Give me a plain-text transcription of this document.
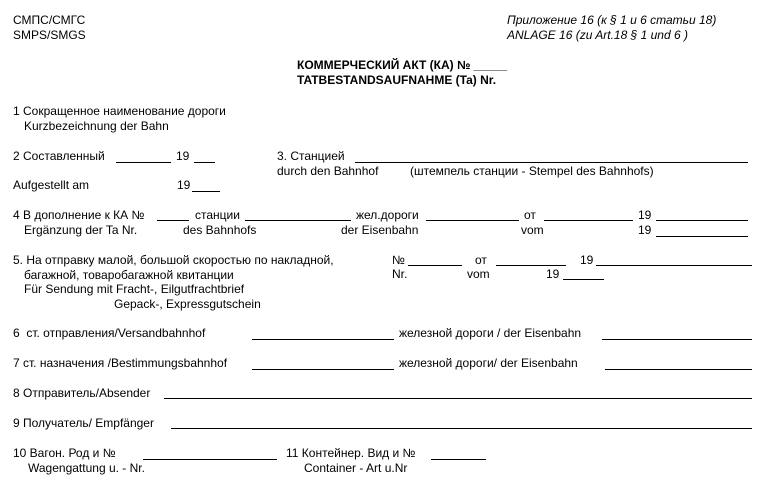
СМПС/СМГС
SMPS/SMGS
Приложение 16 (к § 1 и 6 статьи 18)
ANLAGE 16 (zu Art.18 § 1 und 6 )
КОММЕРЧЕСКИЙ АКТ (КА) № _____
TATBESTANDSAUFNAHME (Ta) Nr.
1 Сокращенное наименование дороги
Kurzbezeichnung der Bahn
2 Составленный	19
Aufgestellt am	19
3. Станцией
durch den Bahnhof	(штемпель станции - Stempel des Bahnhofs)
4 В дополнение к КА №	станции	жел.дороги	от	19
Ergänzung der Ta Nr.	des Bahnhofs	der Eisenbahn	vom	19
5. На отправку малой, большой скоростью по накладной,
багажной, товаробагажной квитанции
Für Sendung mit Fracht-, Eilgutfrachtbrief
Gepack-, Expressgutschein
№	от	19
Nr.	vom	19
6  ст. отправления/Versandbahnhof	железной дороги / der Eisenbahn
7 ст. назначения /Bestimmungsbahnhof	железной дороги/ der Eisenbahn
8 Отправитель/Absender
9 Получатель/ Empfänger
10 Вагон. Род и №
Wagengattung u. - Nr.
11 Контейнер. Вид и №
Container - Art u.Nr
